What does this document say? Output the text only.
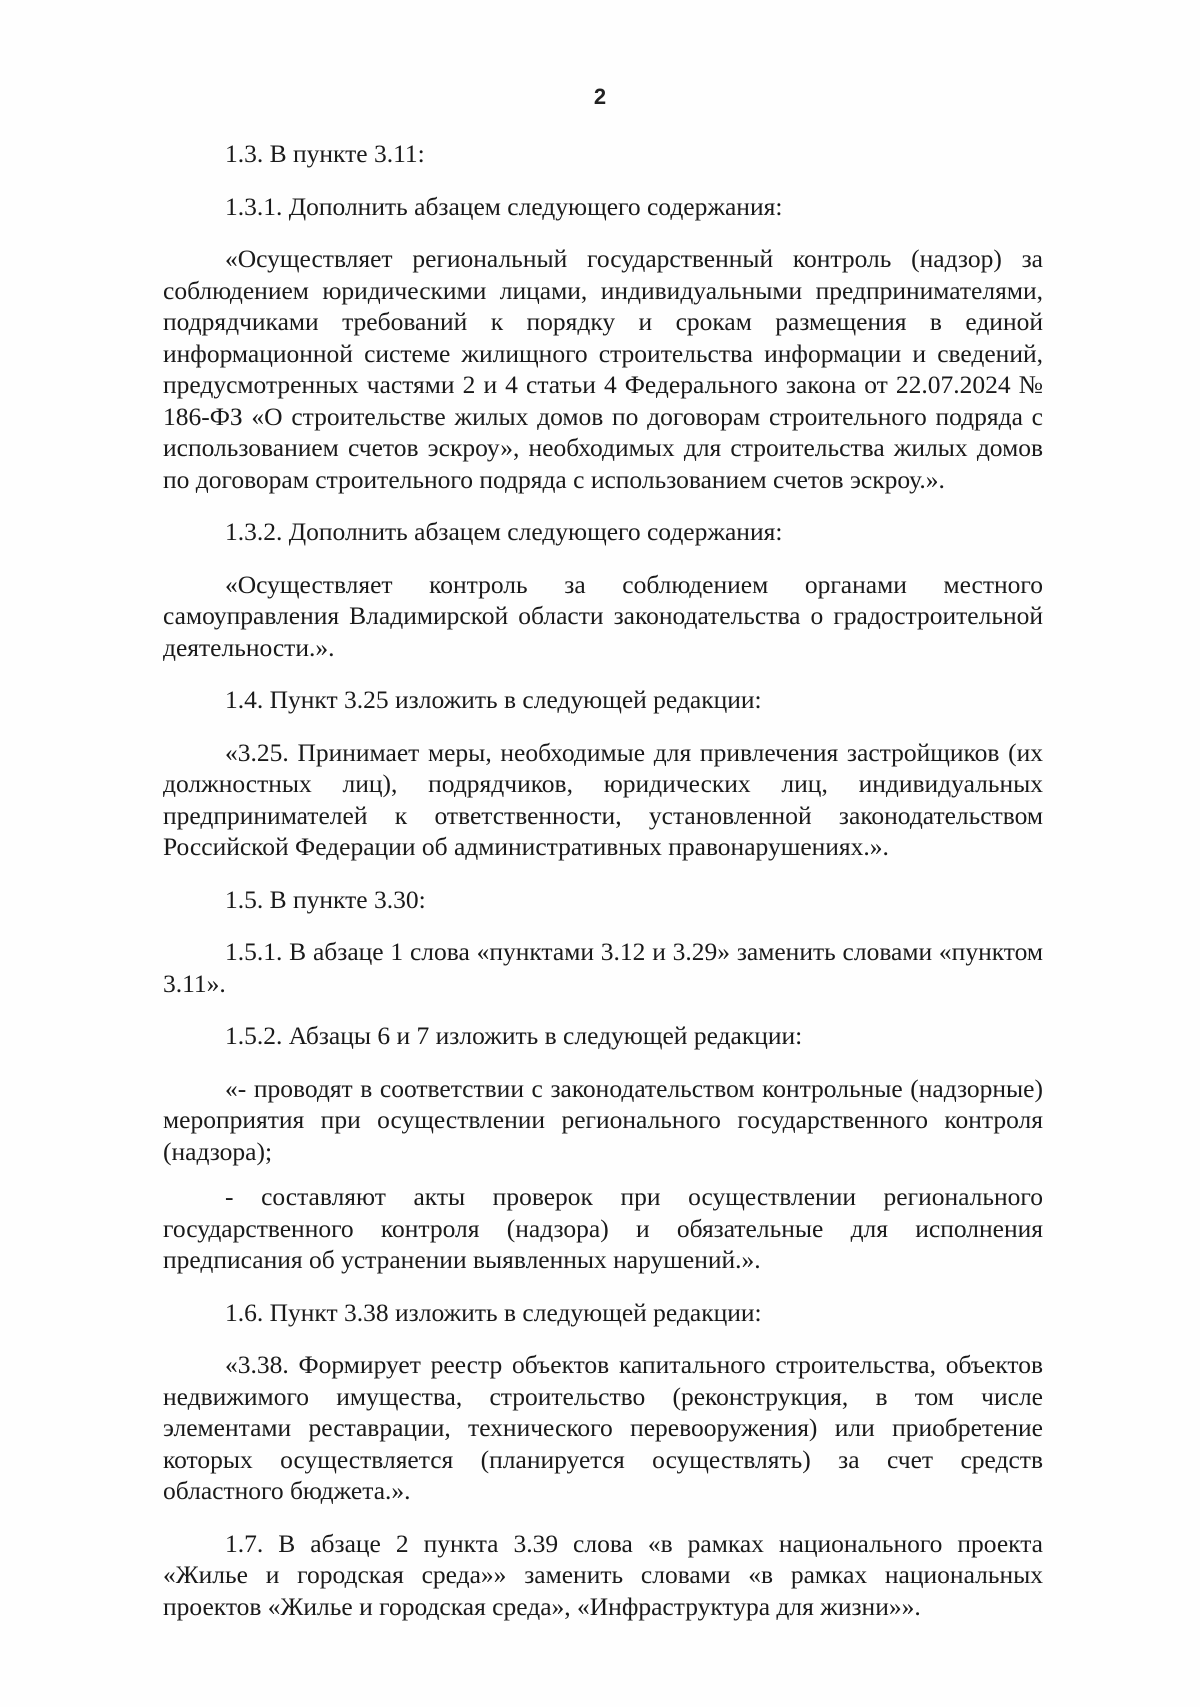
2

1.3. В пункте 3.11:

1.3.1. Дополнить абзацем следующего содержания:

«Осуществляет региональный государственный контроль (надзор) за соблюдением юридическими лицами, индивидуальными предпринимателями, подрядчиками требований к порядку и срокам размещения в единой информационной системе жилищного строительства информации и сведений, предусмотренных частями 2 и 4 статьи 4 Федерального закона от 22.07.2024 № 186-ФЗ «О строительстве жилых домов по договорам строительного подряда с использованием счетов эскроу», необходимых для строительства жилых домов по договорам строительного подряда с использованием счетов эскроу.».

1.3.2. Дополнить абзацем следующего содержания:

«Осуществляет контроль за соблюдением органами местного самоуправления Владимирской области законодательства о градостроительной деятельности.».

1.4. Пункт 3.25 изложить в следующей редакции:

«3.25. Принимает меры, необходимые для привлечения застройщиков (их должностных лиц), подрядчиков, юридических лиц, индивидуальных предпринимателей к ответственности, установленной законодательством Российской Федерации об административных правонарушениях.».

1.5. В пункте 3.30:

1.5.1. В абзаце 1 слова «пунктами 3.12 и 3.29» заменить словами «пунктом 3.11».

1.5.2. Абзацы 6 и 7 изложить в следующей редакции:

«- проводят в соответствии с законодательством контрольные (надзорные) мероприятия при осуществлении регионального государственного контроля (надзора);

- составляют акты проверок при осуществлении регионального государственного контроля (надзора) и обязательные для исполнения предписания об устранении выявленных нарушений.».

1.6. Пункт 3.38 изложить в следующей редакции:

«3.38. Формирует реестр объектов капитального строительства, объектов недвижимого имущества, строительство (реконструкция, в том числе элементами реставрации, технического перевооружения) или приобретение которых осуществляется (планируется осуществлять) за счет средств областного бюджета.».

1.7. В абзаце 2 пункта 3.39 слова «в рамках национального проекта «Жилье и городская среда»» заменить словами «в рамках национальных проектов «Жилье и городская среда», «Инфраструктура для жизни»».
